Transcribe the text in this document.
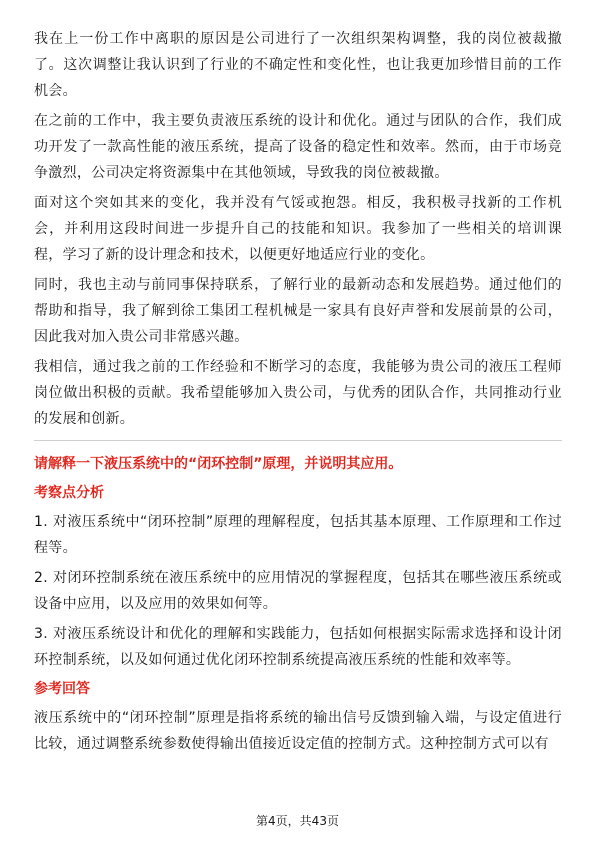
我在上一份工作中离职的原因是公司进行了一次组织架构调整，我的岗位被裁撤了。这次调整让我认识到了行业的不确定性和变化性，也让我更加珍惜目前的工作机会。

在之前的工作中，我主要负责液压系统的设计和优化。通过与团队的合作，我们成功开发了一款高性能的液压系统，提高了设备的稳定性和效率。然而，由于市场竞争激烈，公司决定将资源集中在其他领域，导致我的岗位被裁撤。

面对这个突如其来的变化，我并没有气馁或抱怨。相反，我积极寻找新的工作机会，并利用这段时间进一步提升自己的技能和知识。我参加了一些相关的培训课程，学习了新的设计理念和技术，以便更好地适应行业的变化。

同时，我也主动与前同事保持联系，了解行业的最新动态和发展趋势。通过他们的帮助和指导，我了解到徐工集团工程机械是一家具有良好声誉和发展前景的公司，因此我对加入贵公司非常感兴趣。

我相信，通过我之前的工作经验和不断学习的态度，我能够为贵公司的液压工程师岗位做出积极的贡献。我希望能够加入贵公司，与优秀的团队合作，共同推动行业的发展和创新。

请解释一下液压系统中的“闭环控制”原理，并说明其应用。

考察点分析

1. 对液压系统中“闭环控制”原理的理解程度，包括其基本原理、工作原理和工作过程等。

2. 对闭环控制系统在液压系统中的应用情况的掌握程度，包括其在哪些液压系统或设备中应用，以及应用的效果如何等。

3. 对液压系统设计和优化的理解和实践能力，包括如何根据实际需求选择和设计闭环控制系统，以及如何通过优化闭环控制系统提高液压系统的性能和效率等。

参考回答

液压系统中的“闭环控制”原理是指将系统的输出信号反馈到输入端，与设定值进行比较，通过调整系统参数使得输出值接近设定值的控制方式。这种控制方式可以有

第4页，共43页
